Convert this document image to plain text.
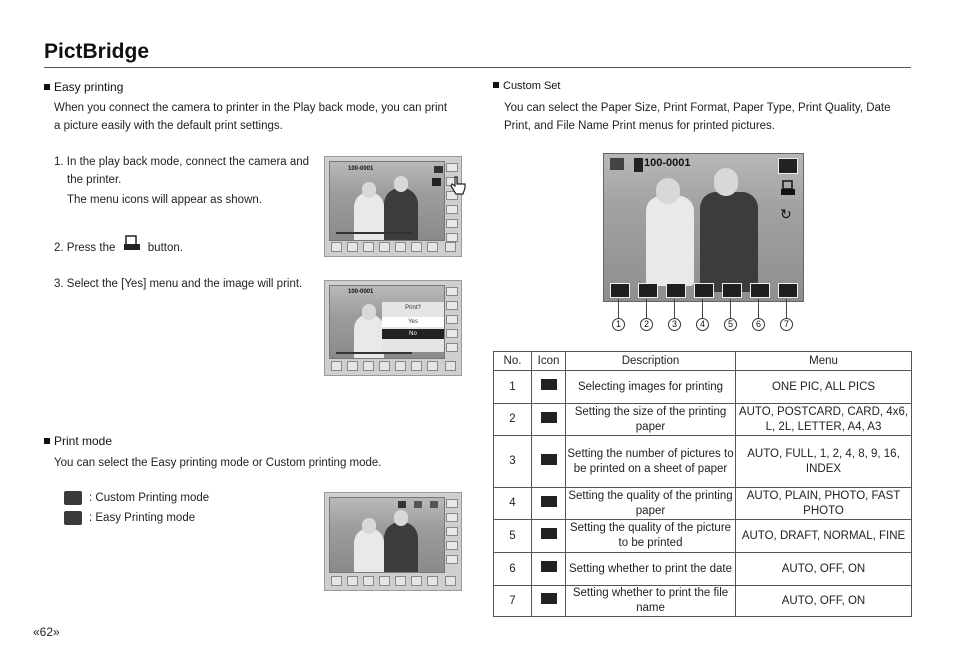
PictBridge
Easy printing
When you connect the camera to printer in the Play back mode, you can print
a picture easily with the default print settings.
1. In the play back mode, connect the camera and
the printer.
The menu icons will appear as shown.
2. Press the	button.
3. Select the [Yes] menu and the image will print.
100-0001
100-0001
Print?
Yes
No
Print mode
You can select the Easy printing mode or Custom printing mode.
: Custom Printing mode
: Easy Printing mode
«62»
Custom Set
You can select the Paper Size, Print Format, Paper Type, Print Quality, Date
Print, and File Name Print menus for printed pictures.
100-0001
↻
1	2	3	4	5	6	7
No.	Icon	Description	Menu
1		Selecting images for printing	ONE PIC, ALL PICS
2		Setting the size of the printing paper	AUTO, POSTCARD, CARD, 4x6, L, 2L, LETTER, A4, A3
3		Setting the number of pictures to be printed on a sheet of paper	AUTO, FULL, 1, 2, 4, 8, 9, 16, INDEX
4		Setting the quality of the printing paper	AUTO, PLAIN, PHOTO, FAST PHOTO
5		Setting the quality of the picture to be printed	AUTO, DRAFT, NORMAL, FINE
6		Setting whether to print the date	AUTO, OFF, ON
7		Setting whether to print the file name	AUTO, OFF, ON
